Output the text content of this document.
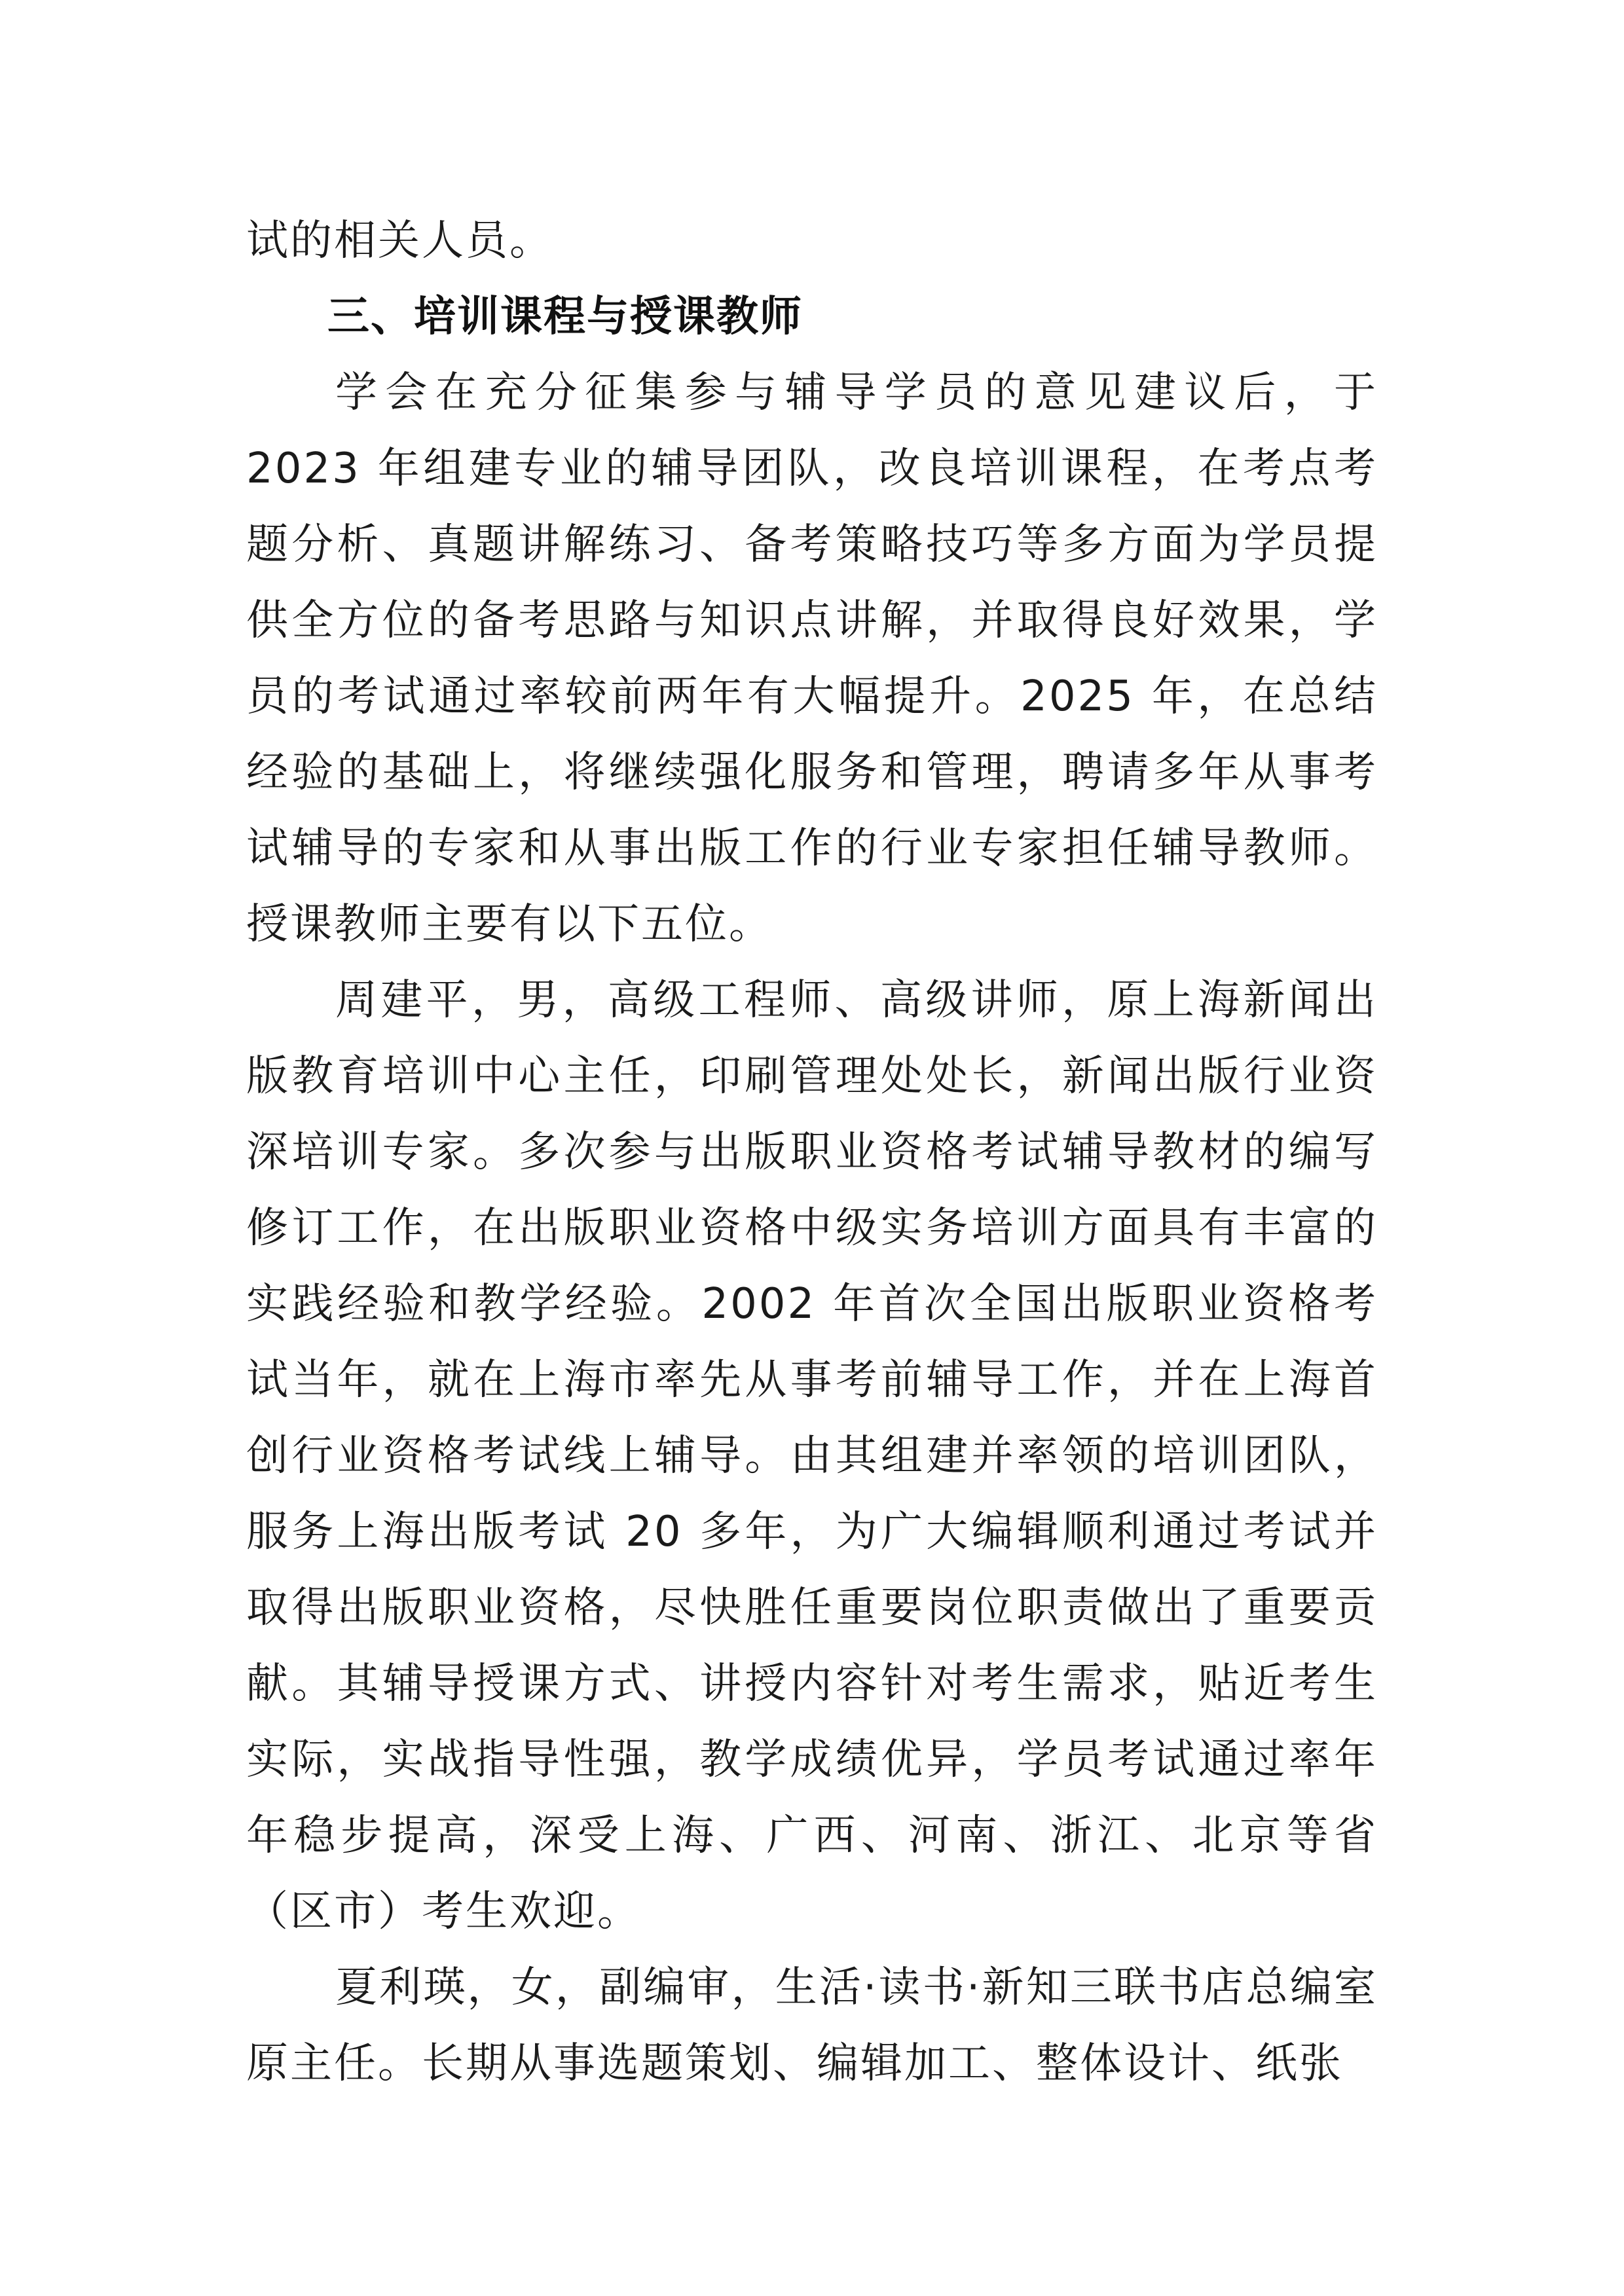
试的相关人员。

三、培训课程与授课教师

学会在充分征集参与辅导学员的意见建议后，于 2023 年组建专业的辅导团队，改良培训课程，在考点考题分析、真题讲解练习、备考策略技巧等多方面为学员提供全方位的备考思路与知识点讲解，并取得良好效果，学员的考试通过率较前两年有大幅提升。2025 年，在总结经验的基础上，将继续强化服务和管理，聘请多年从事考试辅导的专家和从事出版工作的行业专家担任辅导教师。授课教师主要有以下五位。

周建平，男，高级工程师、高级讲师，原上海新闻出版教育培训中心主任，印刷管理处处长，新闻出版行业资深培训专家。多次参与出版职业资格考试辅导教材的编写修订工作，在出版职业资格中级实务培训方面具有丰富的实践经验和教学经验。2002 年首次全国出版职业资格考试当年，就在上海市率先从事考前辅导工作，并在上海首创行业资格考试线上辅导。由其组建并率领的培训团队，服务上海出版考试 20 多年，为广大编辑顺利通过考试并取得出版职业资格，尽快胜任重要岗位职责做出了重要贡献。其辅导授课方式、讲授内容针对考生需求，贴近考生实际，实战指导性强，教学成绩优异，学员考试通过率年年稳步提高，深受上海、广西、河南、浙江、北京等省（区市）考生欢迎。

夏利瑛，女，副编审，生活·读书·新知三联书店总编室原主任。长期从事选题策划、编辑加工、整体设计、纸张
